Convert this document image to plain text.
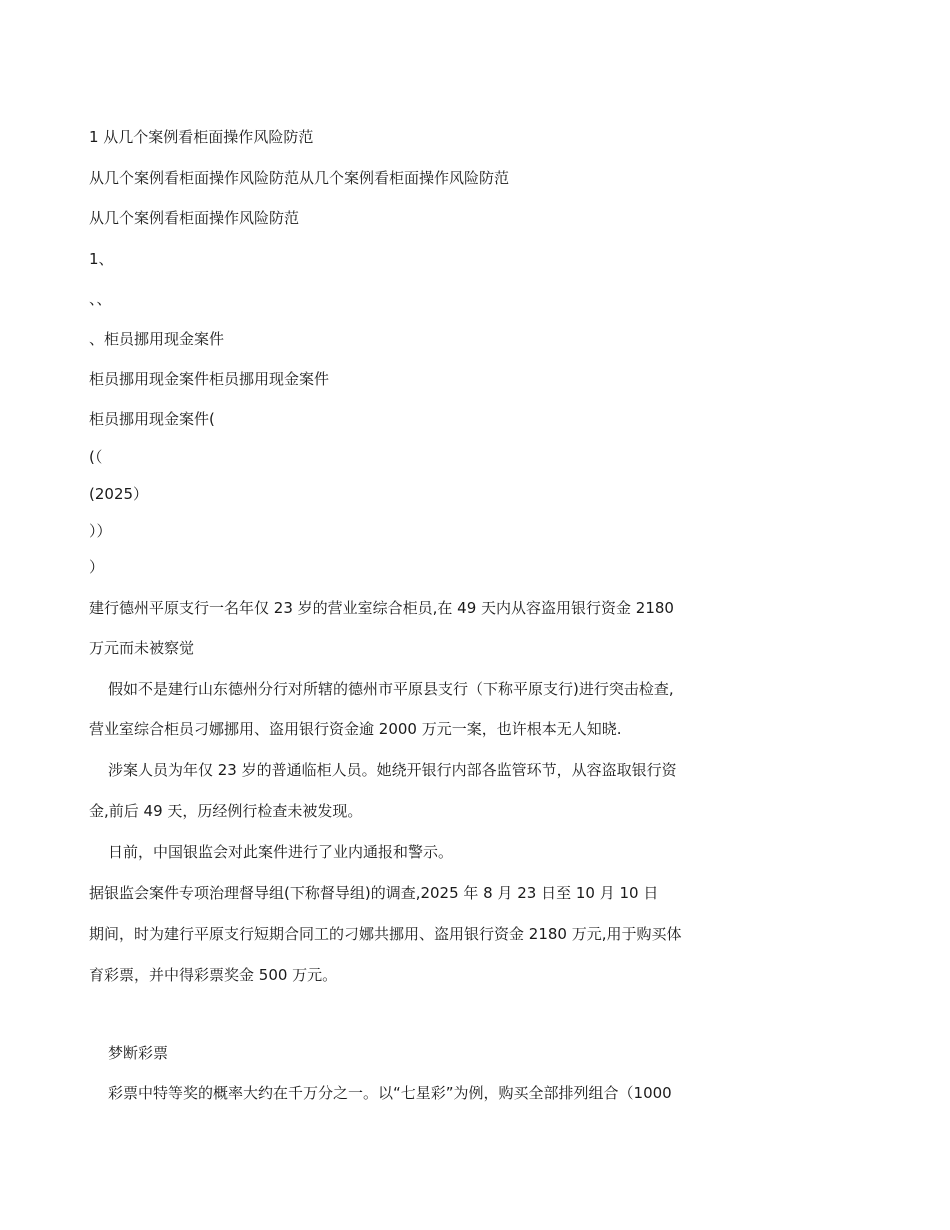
1 从几个案例看柜面操作风险防范
从几个案例看柜面操作风险防范从几个案例看柜面操作风险防范
从几个案例看柜面操作风险防范
1、
、、
、柜员挪用现金案件
柜员挪用现金案件柜员挪用现金案件
柜员挪用现金案件(
(（
(2025）
））
）
建行德州平原支行一名年仅 23 岁的营业室综合柜员,在 49 天内从容盗用银行资金 2180
万元而未被察觉
假如不是建行山东德州分行对所辖的德州市平原县支行（下称平原支行)进行突击检查,
营业室综合柜员刁娜挪用、盗用银行资金逾 2000 万元一案，也许根本无人知晓.
涉案人员为年仅 23 岁的普通临柜人员。她绕开银行内部各监管环节，从容盗取银行资
金,前后 49 天，历经例行检查未被发现。
日前，中国银监会对此案件进行了业内通报和警示。
据银监会案件专项治理督导组(下称督导组)的调查,2025 年 8 月 23 日至 10 月 10 日
期间，时为建行平原支行短期合同工的刁娜共挪用、盗用银行资金 2180 万元,用于购买体
育彩票，并中得彩票奖金 500 万元。
梦断彩票
彩票中特等奖的概率大约在千万分之一。以“七星彩”为例，购买全部排列组合（1000
